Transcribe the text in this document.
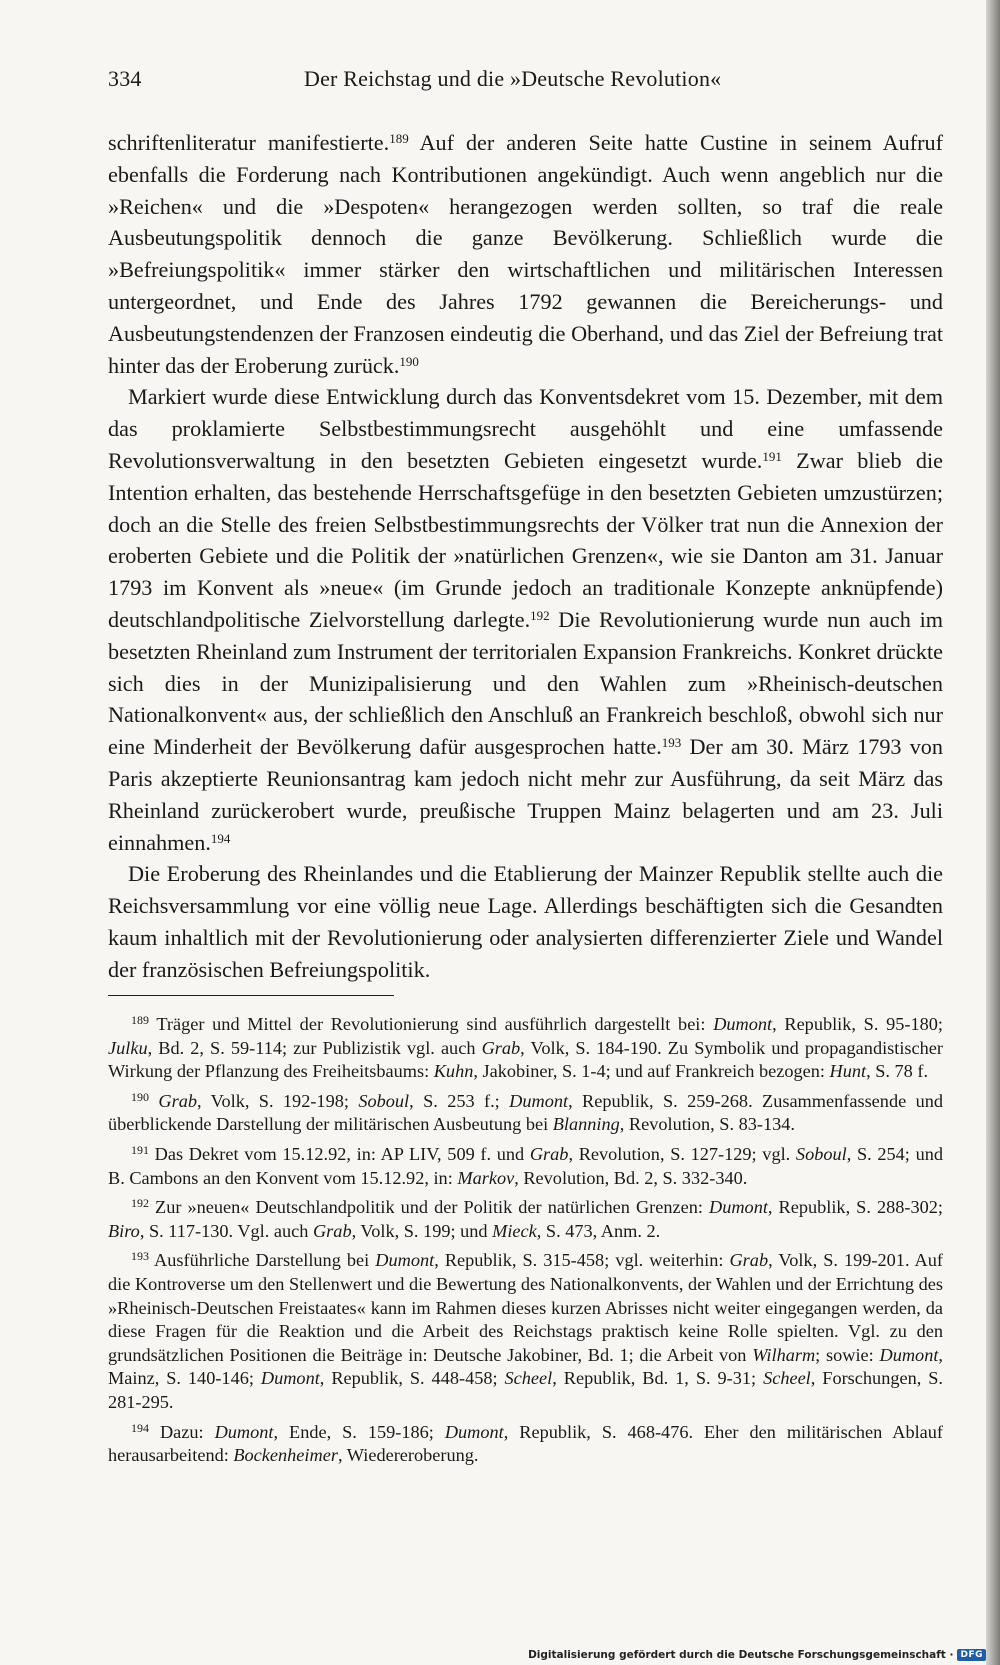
334	Der Reichstag und die »Deutsche Revolution«

schriftenliteratur manifestierte.$^{189}$ Auf der anderen Seite hatte Custine in seinem Aufruf ebenfalls die Forderung nach Kontributionen angekündigt. Auch wenn angeblich nur die »Reichen« und die »Despoten« herangezogen werden sollten, so traf die reale Ausbeutungspolitik dennoch die ganze Bevölkerung. Schließlich wurde die »Befreiungspolitik« immer stärker den wirtschaftlichen und militärischen Interessen untergeordnet, und Ende des Jahres 1792 gewannen die Bereicherungs- und Ausbeutungstendenzen der Franzosen eindeutig die Oberhand, und das Ziel der Befreiung trat hinter das der Eroberung zurück.$^{190}$

Markiert wurde diese Entwicklung durch das Konventsdekret vom 15. Dezember, mit dem das proklamierte Selbstbestimmungsrecht ausgehöhlt und eine umfassende Revolutionsverwaltung in den besetzten Gebieten eingesetzt wurde.$^{191}$ Zwar blieb die Intention erhalten, das bestehende Herrschaftsgefüge in den besetzten Gebieten umzustürzen; doch an die Stelle des freien Selbstbestimmungsrechts der Völker trat nun die Annexion der eroberten Gebiete und die Politik der »natürlichen Grenzen«, wie sie Danton am 31. Januar 1793 im Konvent als »neue« (im Grunde jedoch an traditionale Konzepte anknüpfende) deutschlandpolitische Zielvorstellung darlegte.$^{192}$ Die Revolutionierung wurde nun auch im besetzten Rheinland zum Instrument der territorialen Expansion Frankreichs. Konkret drückte sich dies in der Munizipalisierung und den Wahlen zum »Rheinisch-deutschen Nationalkonvent« aus, der schließlich den Anschluß an Frankreich beschloß, obwohl sich nur eine Minderheit der Bevölkerung dafür ausgesprochen hatte.$^{193}$ Der am 30. März 1793 von Paris akzeptierte Reunionsantrag kam jedoch nicht mehr zur Ausführung, da seit März das Rheinland zurückerobert wurde, preußische Truppen Mainz belagerten und am 23. Juli einnahmen.$^{194}$

Die Eroberung des Rheinlandes und die Etablierung der Mainzer Republik stellte auch die Reichsversammlung vor eine völlig neue Lage. Allerdings beschäftigten sich die Gesandten kaum inhaltlich mit der Revolutionierung oder analysierten differenzierter Ziele und Wandel der französischen Befreiungspolitik.

$^{189}$ Träger und Mittel der Revolutionierung sind ausführlich dargestellt bei: Dumont, Republik, S. 95-180; Julku, Bd. 2, S. 59-114; zur Publizistik vgl. auch Grab, Volk, S. 184-190. Zu Symbolik und propagandistischer Wirkung der Pflanzung des Freiheitsbaums: Kuhn, Jakobiner, S. 1-4; und auf Frankreich bezogen: Hunt, S. 78 f.

$^{190}$ Grab, Volk, S. 192-198; Soboul, S. 253 f.; Dumont, Republik, S. 259-268. Zusammenfassende und überblickende Darstellung der militärischen Ausbeutung bei Blanning, Revolution, S. 83-134.

$^{191}$ Das Dekret vom 15.12.92, in: AP LIV, 509 f. und Grab, Revolution, S. 127-129; vgl. Soboul, S. 254; und B. Cambons an den Konvent vom 15.12.92, in: Markov, Revolution, Bd. 2, S. 332-340.

$^{192}$ Zur »neuen« Deutschlandpolitik und der Politik der natürlichen Grenzen: Dumont, Republik, S. 288-302; Biro, S. 117-130. Vgl. auch Grab, Volk, S. 199; und Mieck, S. 473, Anm. 2.

$^{193}$ Ausführliche Darstellung bei Dumont, Republik, S. 315-458; vgl. weiterhin: Grab, Volk, S. 199-201. Auf die Kontroverse um den Stellenwert und die Bewertung des Nationalkonvents, der Wahlen und der Errichtung des »Rheinisch-Deutschen Freistaates« kann im Rahmen dieses kurzen Abrisses nicht weiter eingegangen werden, da diese Fragen für die Reaktion und die Arbeit des Reichstags praktisch keine Rolle spielten. Vgl. zu den grundsätzlichen Positionen die Beiträge in: Deutsche Jakobiner, Bd. 1; die Arbeit von Wilharm; sowie: Dumont, Mainz, S. 140-146; Dumont, Republik, S. 448-458; Scheel, Republik, Bd. 1, S. 9-31; Scheel, Forschungen, S. 281-295.

$^{194}$ Dazu: Dumont, Ende, S. 159-186; Dumont, Republik, S. 468-476. Eher den militärischen Ablauf herausarbeitend: Bockenheimer, Wiedereroberung.

Digitalisierung gefördert durch die Deutsche Forschungsgemeinschaft · DFG
